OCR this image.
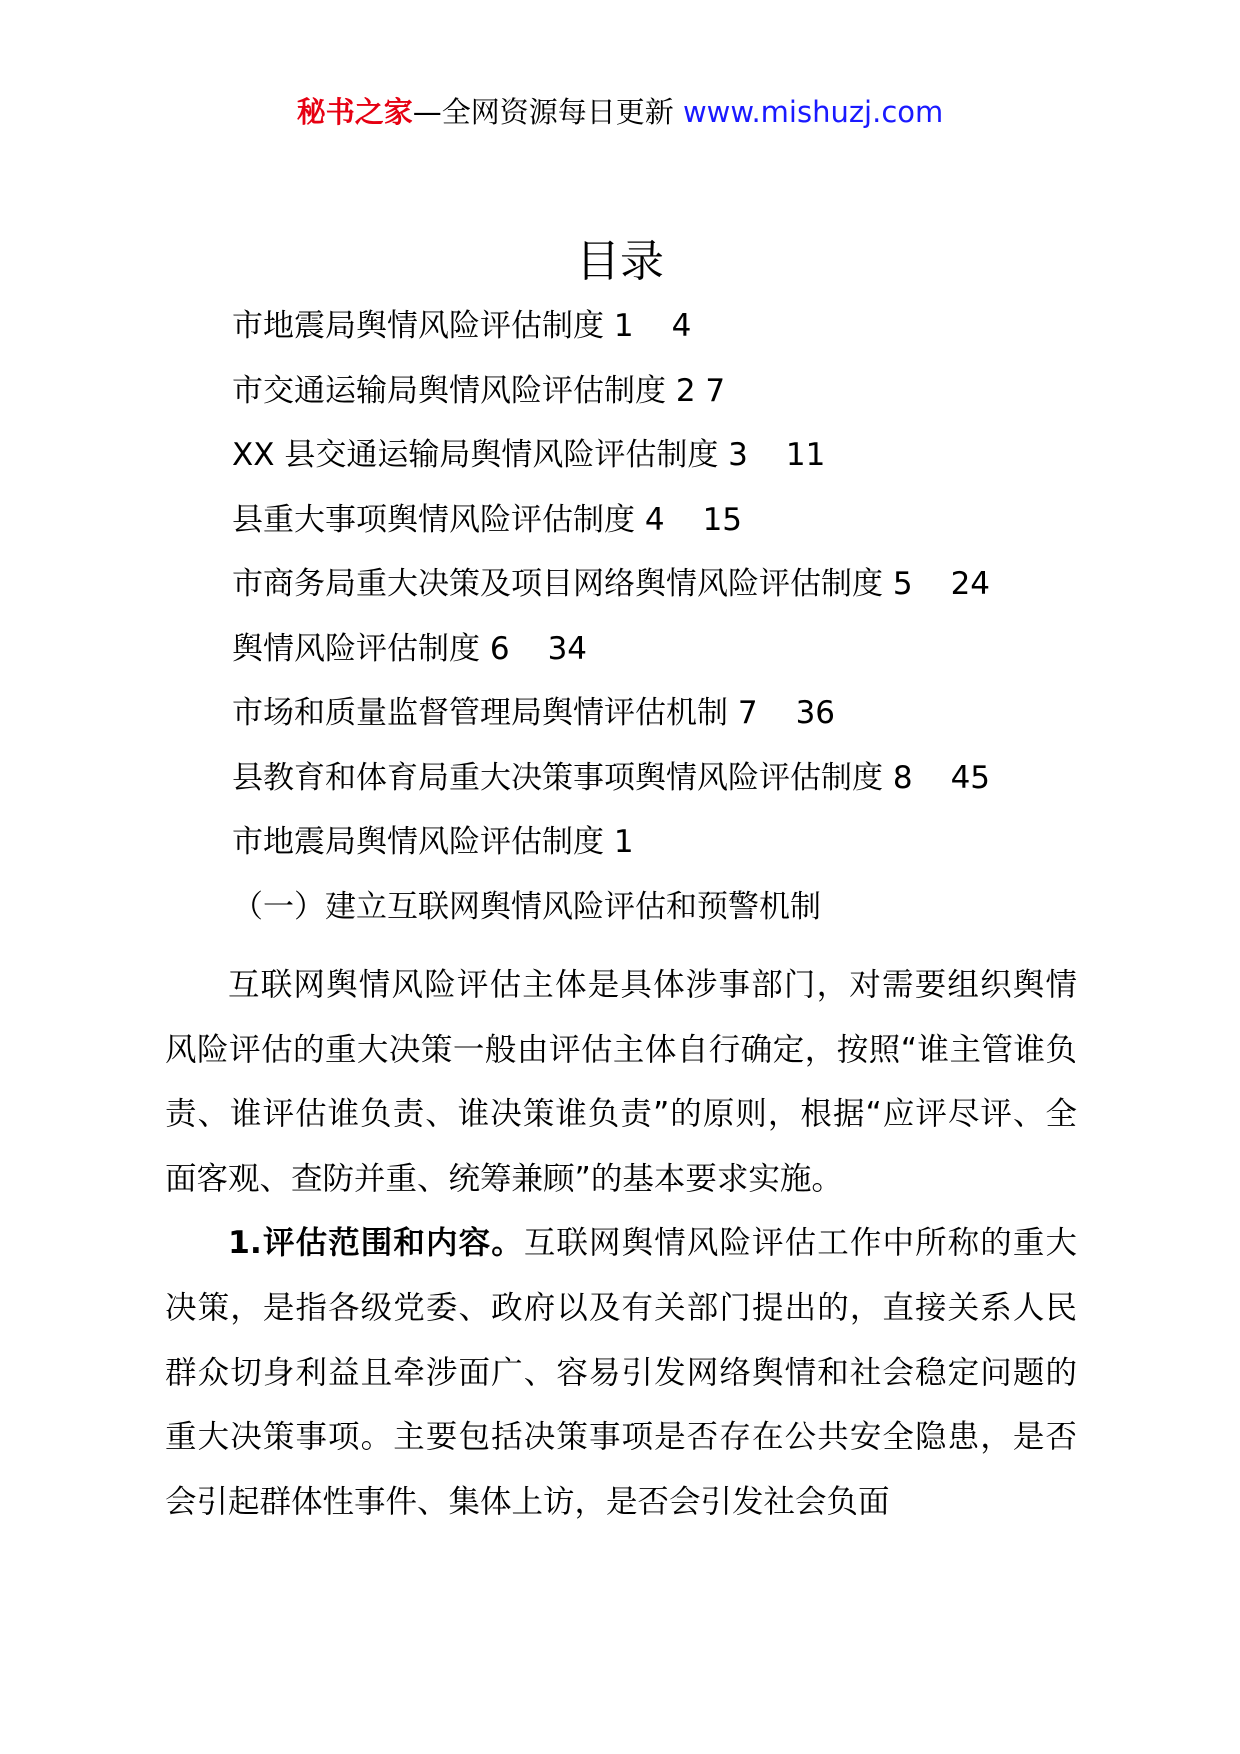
秘书之家—全网资源每日更新 www.mishuzj.com
目录
市地震局舆情风险评估制度 1 4
市交通运输局舆情风险评估制度 2 7
XX 县交通运输局舆情风险评估制度 3 11
县重大事项舆情风险评估制度 4 15
市商务局重大决策及项目网络舆情风险评估制度 5 24
舆情风险评估制度 6 34
市场和质量监督管理局舆情评估机制 7 36
县教育和体育局重大决策事项舆情风险评估制度 8 45
市地震局舆情风险评估制度 1
（一）建立互联网舆情风险评估和预警机制

互联网舆情风险评估主体是具体涉事部门，对需要组织舆情风险评估的重大决策一般由评估主体自行确定，按照“谁主管谁负责、谁评估谁负责、谁决策谁负责”的原则，根据“应评尽评、全面客观、查防并重、统筹兼顾”的基本要求实施。

1.评估范围和内容。互联网舆情风险评估工作中所称的重大决策，是指各级党委、政府以及有关部门提出的，直接关系人民群众切身利益且牵涉面广、容易引发网络舆情和社会稳定问题的重大决策事项。主要包括决策事项是否存在公共安全隐患，是否会引起群体性事件、集体上访，是否会引发社会负面
